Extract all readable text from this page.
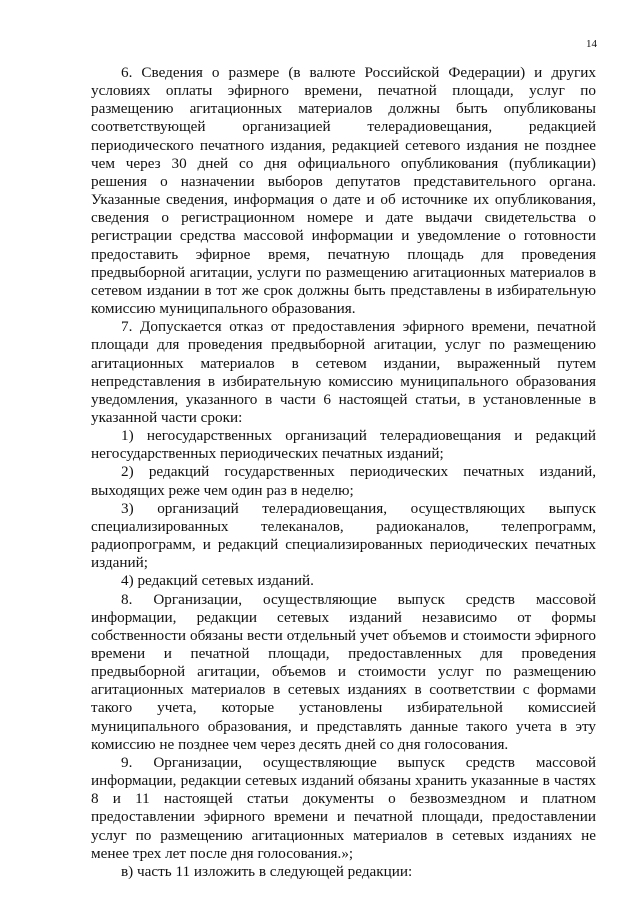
14

6. Сведения о размере (в валюте Российской Федерации) и других условиях оплаты эфирного времени, печатной площади, услуг по размещению агитационных материалов должны быть опубликованы соответствующей организацией телерадиовещания, редакцией периодического печатного издания, редакцией сетевого издания не позднее чем через 30 дней со дня официального опубликования (публикации) решения о назначении выборов депутатов представительного органа. Указанные сведения, информация о дате и об источнике их опубликования, сведения о регистрационном номере и дате выдачи свидетельства о регистрации средства массовой информации и уведомление о готовности предоставить эфирное время, печатную площадь для проведения предвыборной агитации, услуги по размещению агитационных материалов в сетевом издании в тот же срок должны быть представлены в избирательную комиссию муниципального образования.

7. Допускается отказ от предоставления эфирного времени, печатной площади для проведения предвыборной агитации, услуг по размещению агитационных материалов в сетевом издании, выраженный путем непредставления в избирательную комиссию муниципального образования уведомления, указанного в части 6 настоящей статьи, в установленные в указанной части сроки:

1) негосударственных организаций телерадиовещания и редакций негосударственных периодических печатных изданий;

2) редакций государственных периодических печатных изданий, выходящих реже чем один раз в неделю;

3) организаций телерадиовещания, осуществляющих выпуск специализированных телеканалов, радиоканалов, телепрограмм, радиопрограмм, и редакций специализированных периодических печатных изданий;

4) редакций сетевых изданий.

8. Организации, осуществляющие выпуск средств массовой информации, редакции сетевых изданий независимо от формы собственности обязаны вести отдельный учет объемов и стоимости эфирного времени и печатной площади, предоставленных для проведения предвыборной агитации, объемов и стоимости услуг по размещению агитационных материалов в сетевых изданиях в соответствии с формами такого учета, которые установлены избирательной комиссией муниципального образования, и представлять данные такого учета в эту комиссию не позднее чем через десять дней со дня голосования.

9. Организации, осуществляющие выпуск средств массовой информации, редакции сетевых изданий обязаны хранить указанные в частях 8 и 11 настоящей статьи документы о безвозмездном и платном предоставлении эфирного времени и печатной площади, предоставлении услуг по размещению агитационных материалов в сетевых изданиях не менее трех лет после дня голосования.»;

в) часть 11 изложить в следующей редакции:
